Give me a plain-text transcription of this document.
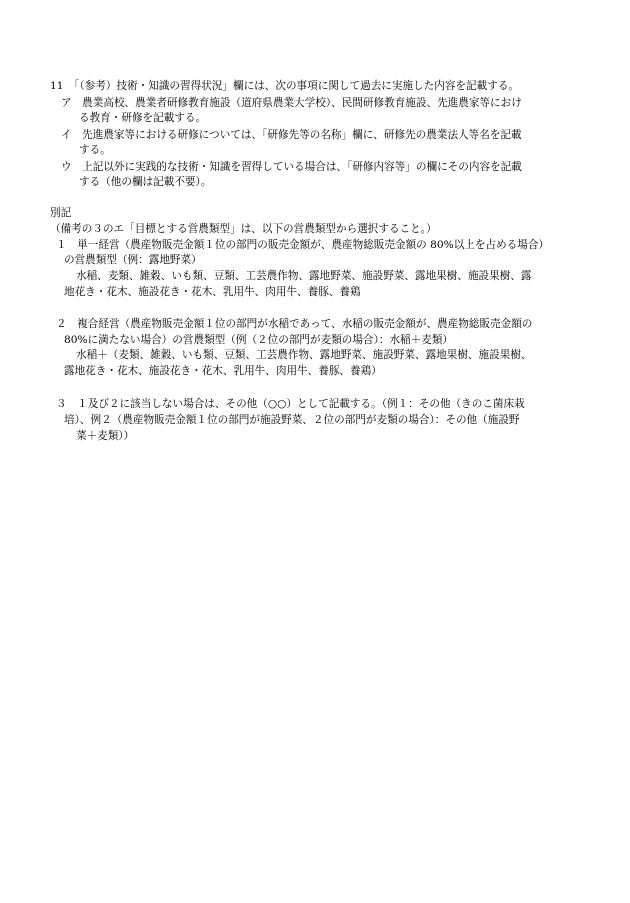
11　「（参考）技術・知識の習得状況」欄には、次の事項に関して過去に実施した内容を記載する。
ア　農業高校、農業者研修教育施設（道府県農業大学校）、民間研修教育施設、先進農家等におけ
る教育・研修を記載する。
イ　先進農家等における研修については、「研修先等の名称」欄に、研修先の農業法人等名を記載
する。
ウ　上記以外に実践的な技術・知識を習得している場合は、「研修内容等」の欄にその内容を記載
する（他の欄は記載不要）。
別記
（備考の３のエ「目標とする営農類型」は、以下の営農類型から選択すること。）
１　単一経営（農産物販売金額１位の部門の販売金額が、農産物総販売金額の 80%以上を占める場合）
の営農類型（例：露地野菜）
水稲、麦類、雑穀、いも類、豆類、工芸農作物、露地野菜、施設野菜、露地果樹、施設果樹、露
地花き・花木、施設花き・花木、乳用牛、肉用牛、養豚、養鶏
２　複合経営（農産物販売金額１位の部門が水稲であって、水稲の販売金額が、農産物総販売金額の
80%に満たない場合）の営農類型（例（２位の部門が麦類の場合）：水稲＋麦類）
水稲＋（麦類、雑穀、いも類、豆類、工芸農作物、露地野菜、施設野菜、露地果樹、施設果樹、
露地花き・花木、施設花き・花木、乳用牛、肉用牛、養豚、養鶏）
３　１及び２に該当しない場合は、その他（○○）として記載する。（例１：その他（きのこ菌床栽
培）、例２（農産物販売金額１位の部門が施設野菜、２位の部門が麦類の場合）：その他（施設野
菜＋麦類））
